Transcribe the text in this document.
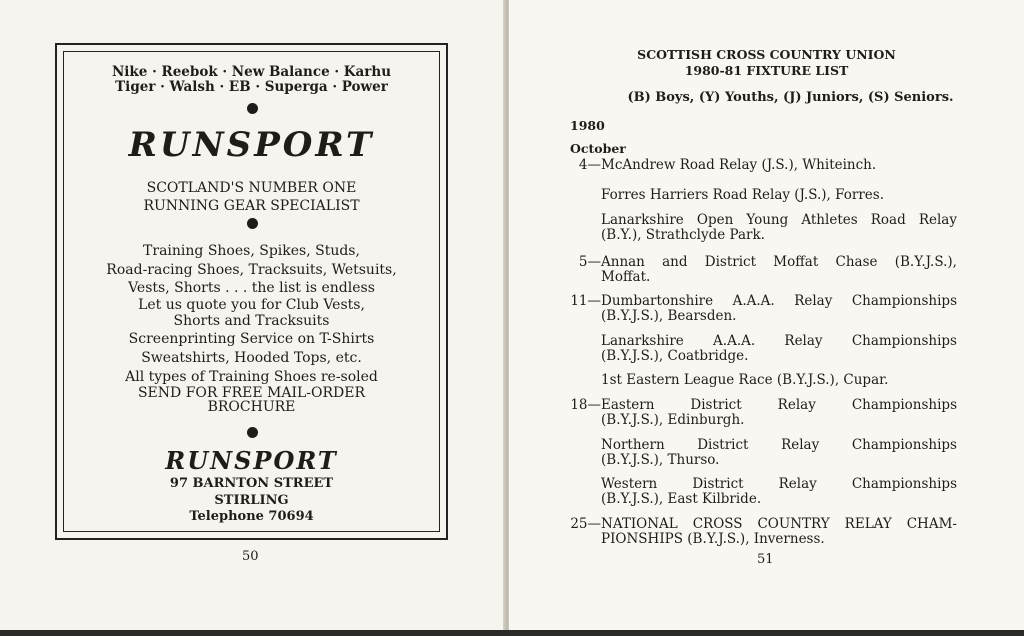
Nike · Reebok · New Balance · Karhu
Tiger · Walsh · EB · Superga · Power
RUNSPORT
SCOTLAND'S NUMBER ONE
RUNNING GEAR SPECIALIST
Training Shoes, Spikes, Studs,
Road-racing Shoes, Tracksuits, Wetsuits,
Vests, Shorts . . . the list is endless
Let us quote you for Club Vests,
Shorts and Tracksuits
Screenprinting Service on T-Shirts
Sweatshirts, Hooded Tops, etc.
All types of Training Shoes re-soled
SEND FOR FREE MAIL-ORDER
BROCHURE
RUNSPORT
97 BARNTON STREET
STIRLING
Telephone 70694
50
SCOTTISH CROSS COUNTRY UNION
1980-81 FIXTURE LIST
(B) Boys, (Y) Youths, (J) Juniors, (S) Seniors.
1980
October
4— McAndrew Road Relay (J.S.), Whiteinch.
Forres Harriers Road Relay (J.S.), Forres.
Lanarkshire Open Young Athletes Road Relay
(B.Y.), Strathclyde Park.
5— Annan and District Moffat Chase (B.Y.J.S.),
Moffat.
11— Dumbartonshire A.A.A. Relay Championships
(B.Y.J.S.), Bearsden.
Lanarkshire A.A.A. Relay Championships
(B.Y.J.S.), Coatbridge.
1st Eastern League Race (B.Y.J.S.), Cupar.
18— Eastern	District	Relay	Championships
(B.Y.J.S.), Edinburgh.
Northern District Relay Championships
(B.Y.J.S.), Thurso.
Western	District	Relay	Championships
(B.Y.J.S.), East Kilbride.
25— NATIONAL CROSS COUNTRY RELAY CHAM-
PIONSHIPS (B.Y.J.S.), Inverness.
51
